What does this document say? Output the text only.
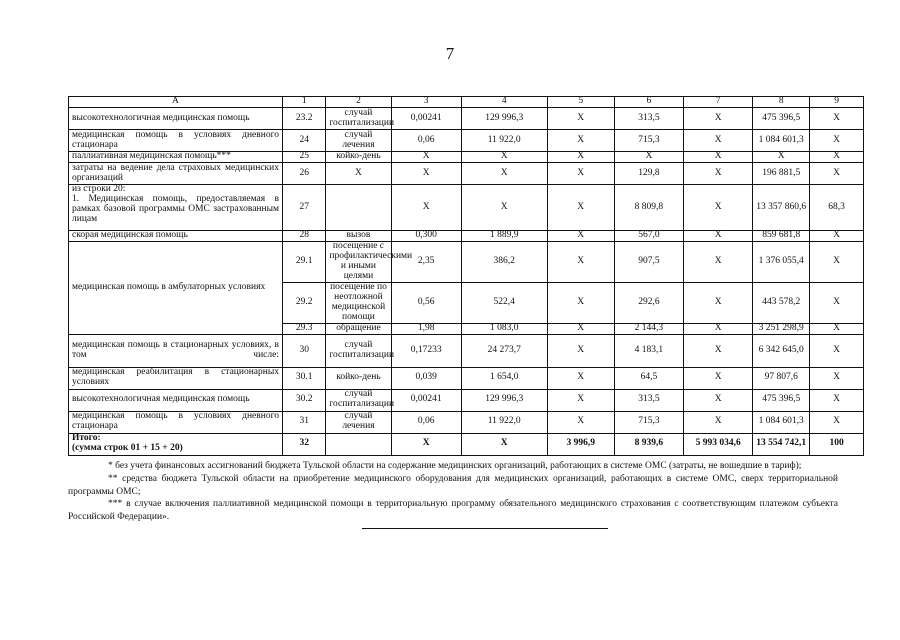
7
А	1	2	3	4	5	6	7	8	9
высокотехнологичная медицинская помощь	23.2	случай госпитализации	0,00241	129 996,3	X	313,5	X	475 396,5	X
медицинская помощь в условиях дневного стационара	24	случай лечения	0,06	11 922,0	X	715,3	X	1 084 601,3	X
паллиативная медицинская помощь***	25	койко-день	X	X	X	X	X	X	X
затраты на ведение дела страховых медицинских организаций	26	X	X	X	X	129,8	X	196 881,5	X

из строки 20:
1. Медицинская помощь, предоставляемая в рамках базовой программы ОМС застрахованным лицам	27		X	X	X	8 809,8	X	13 357 860,6	68,3
скорая медицинская помощь	28	вызов	0,300	1 889,9	X	567,0	X	859 681,8	X
медицинская помощь в амбулаторных условиях	29.1	посещение с профилактическими и иными целями	2,35	386,2	X	907,5	X	1 376 055,4	X
	29.2	посещение по неотложной медицинской помощи	0,56	522,4	X	292,6	X	443 578,2	X
	29.3	обращение	1,98	1 083,0	X	2 144,3	X	3 251 298,9	X
медицинская помощь в стационарных условиях, в том числе:	30	случай госпитализации	0,17233	24 273,7	X	4 183,1	X	6 342 645,0	X
медицинская реабилитация в стационарных условиях	30.1	койко-день	0,039	1 654,0	X	64,5	X	97 807,6	X
высокотехнологичная медицинская помощь	30.2	случай госпитализации	0,00241	129 996,3	X	313,5	X	475 396,5	X
медицинская помощь в условиях дневного стационара	31	случай лечения	0,06	11 922,0	X	715,3	X	1 084 601,3	X

Итого:
(сумма строк 01 + 15 + 20)	32		X	X	3 996,9	8 939,6	5 993 034,6	13 554 742,1	100

* без учета финансовых ассигнований бюджета Тульской области на содержание медицинских организаций, работающих в системе ОМС (затраты, не вошедшие в тариф);

** средства бюджета Тульской области на приобретение медицинского оборудования для медицинских организаций, работающих в системе ОМС, сверх территориальной программы ОМС;

*** в случае включения паллиативной медицинской помощи в территориальную программу обязательного медицинского страхования с соответствующим платежом субъекта Российской Федерации».
